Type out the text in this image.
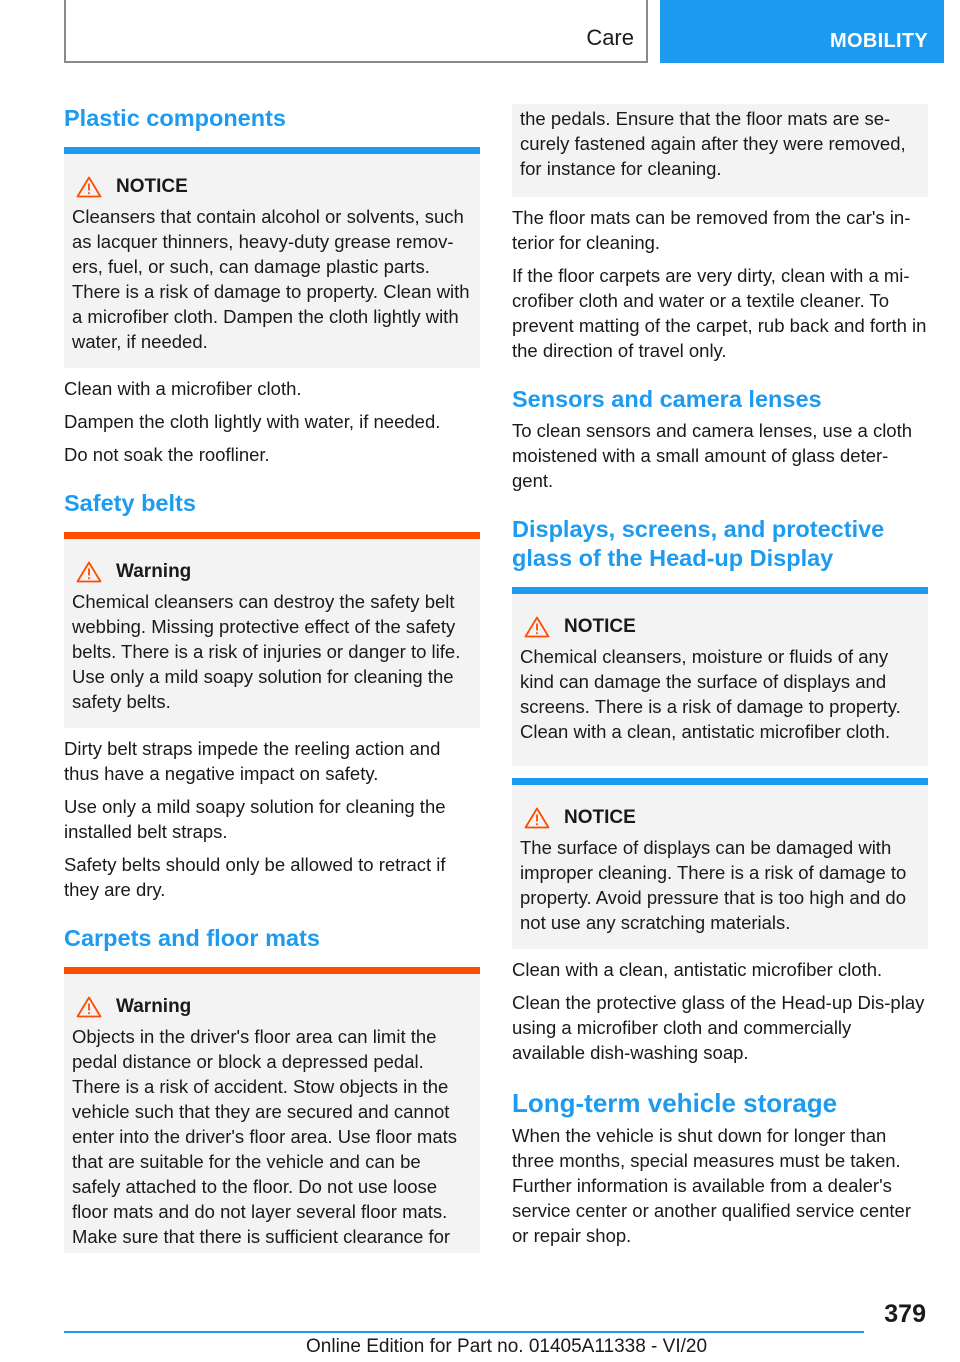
Care	MOBILITY
Plastic components
NOTICE

Cleansers that contain alcohol or solvents, such as lacquer thinners, heavy-duty grease remov-ers, fuel, or such, can damage plastic parts. There is a risk of damage to property. Clean with a microfiber cloth. Dampen the cloth lightly with water, if needed.

Clean with a microfiber cloth.

Dampen the cloth lightly with water, if needed.

Do not soak the roofliner.

Safety belts
Warning

Chemical cleansers can destroy the safety belt webbing. Missing protective effect of the safety belts. There is a risk of injuries or danger to life. Use only a mild soapy solution for cleaning the safety belts.

Dirty belt straps impede the reeling action and thus have a negative impact on safety.

Use only a mild soapy solution for cleaning the installed belt straps.

Safety belts should only be allowed to retract if they are dry.

Carpets and floor mats
Warning

Objects in the driver's floor area can limit the pedal distance or block a depressed pedal. There is a risk of accident. Stow objects in the vehicle such that they are secured and cannot enter into the driver's floor area. Use floor mats that are suitable for the vehicle and can be safely attached to the floor. Do not use loose floor mats and do not layer several floor mats. Make sure that there is sufficient clearance for

the pedals. Ensure that the floor mats are se-curely fastened again after they were removed, for instance for cleaning.

The floor mats can be removed from the car's in-terior for cleaning.

If the floor carpets are very dirty, clean with a mi-crofiber cloth and water or a textile cleaner. To prevent matting of the carpet, rub back and forth in the direction of travel only.

Sensors and camera lenses

To clean sensors and camera lenses, use a cloth moistened with a small amount of glass deter-gent.

Displays, screens, and protective glass of the Head-up Display
NOTICE

Chemical cleansers, moisture or fluids of any kind can damage the surface of displays and screens. There is a risk of damage to property. Clean with a clean, antistatic microfiber cloth.

NOTICE

The surface of displays can be damaged with improper cleaning. There is a risk of damage to property. Avoid pressure that is too high and do not use any scratching materials.

Clean with a clean, antistatic microfiber cloth.

Clean the protective glass of the Head-up Dis-play using a microfiber cloth and commercially available dish-washing soap.

Long-term vehicle storage

When the vehicle is shut down for longer than three months, special measures must be taken. Further information is available from a dealer's service center or another qualified service center or repair shop.

379
Online Edition for Part no. 01405A11338 - VI/20
